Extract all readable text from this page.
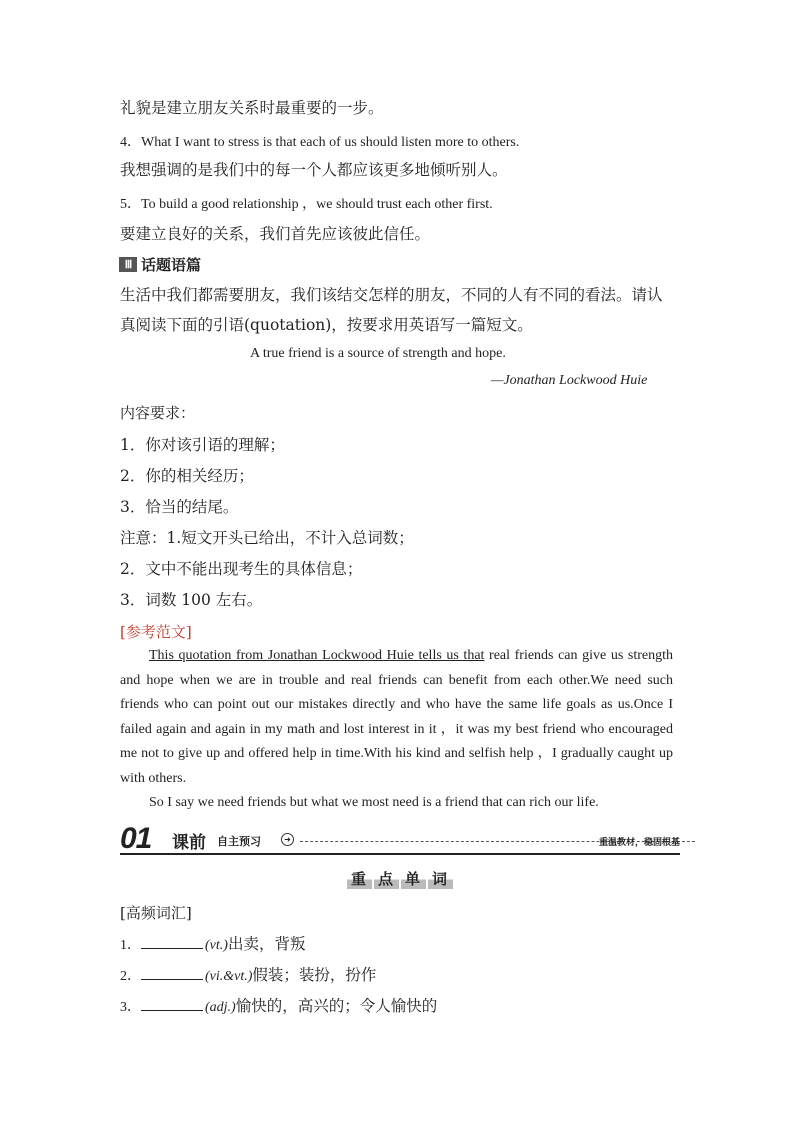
礼貌是建立朋友关系时最重要的一步。
4．What I want to stress is that each of us should listen more to others.
我想强调的是我们中的每一个人都应该更多地倾听别人。
5．To build a good relationship ，we should trust each other first.
要建立良好的关系，我们首先应该彼此信任。
Ⅲ 话题语篇
生活中我们都需要朋友，我们该结交怎样的朋友，不同的人有不同的看法。请认
真阅读下面的引语(quotation)，按要求用英语写一篇短文。
A true friend is a source of strength and hope.
—Jonathan Lockwood Huie
内容要求：
1．你对该引语的理解；
2．你的相关经历；
3．恰当的结尾。
注意：1.短文开头已给出，不计入总词数；
2．文中不能出现考生的具体信息；
3．词数 100 左右。
[参考范文]

This quotation from Jonathan Lockwood Huie tells us that real friends can give us strength and hope when we are in trouble and real friends can benefit from each other.We need such friends who can point out our mistakes directly and who have the same life goals as us.Once I failed again and again in my math and lost interest in it ，it was my best friend who encouraged me not to give up and offered help in time.With his kind and selfish help ，I gradually caught up with others.

So I say we need friends but what we most need is a friend that can rich our life.

01 课前 自主预习	➜	重温教材，稳固根基
重 点 单 词
[高频词汇]
1．	(vt.)出卖，背叛
2．	(vi.&vt.)假装；装扮，扮作
3．	(adj.)愉快的，高兴的；令人愉快的
